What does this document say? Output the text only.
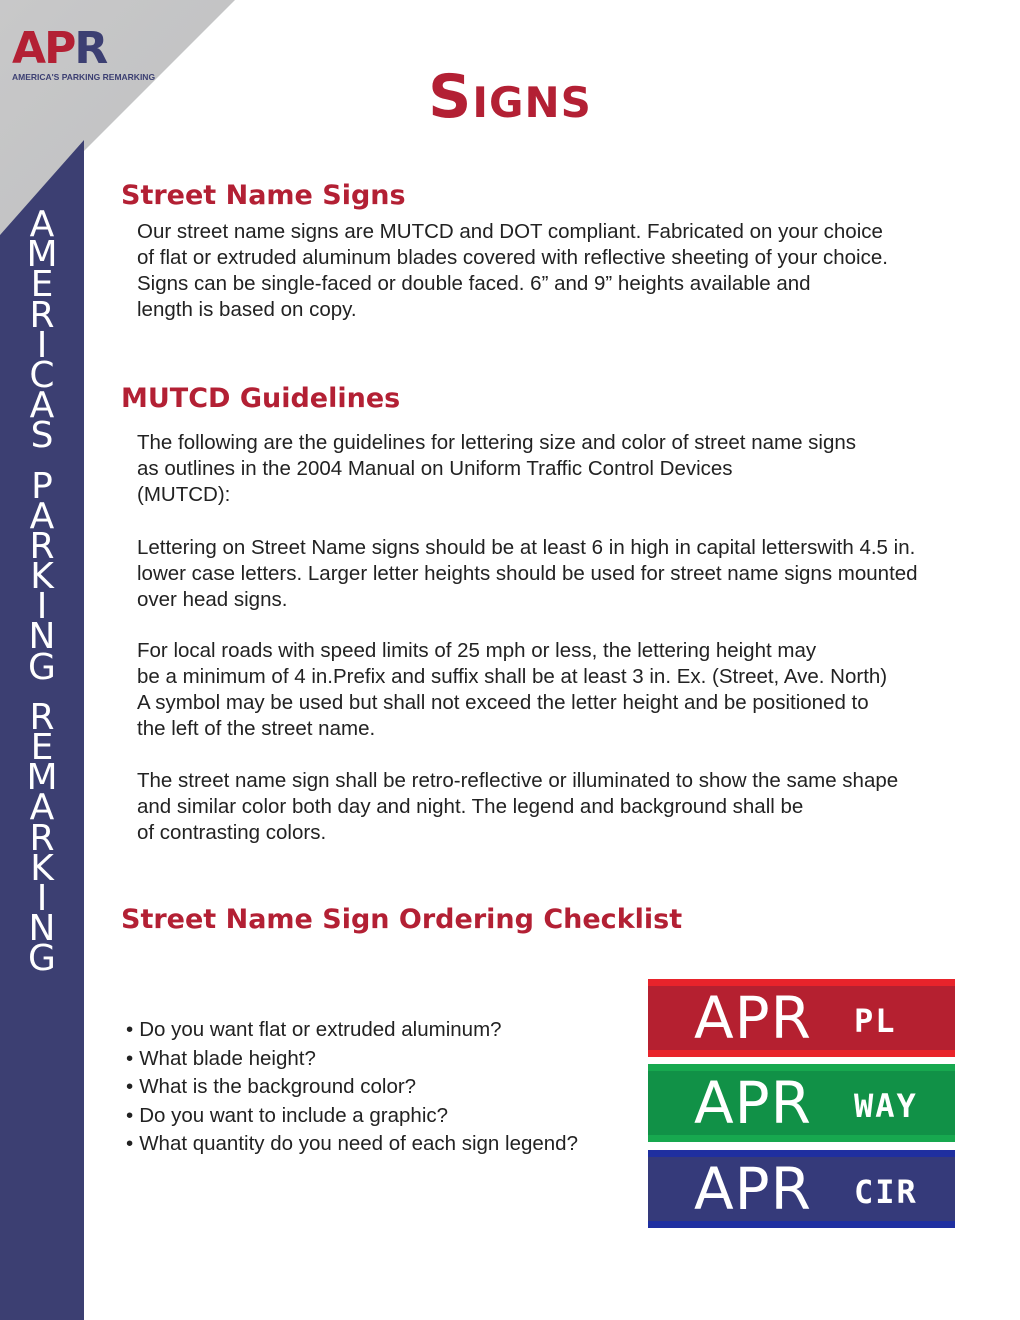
A
M
E
R
I
C
A
S
P
A
R
K
I
N
G
R
E
M
A
R
K
I
N
G
APR
AMERICA'S PARKING REMARKING	Signs
Street Name Signs
Our street name signs are MUTCD and DOT compliant. Fabricated on your choice
of flat or extruded aluminum blades covered with reflective sheeting of your choice.
Signs can be single-faced or double faced. 6” and 9” heights available and
length is based on copy.
MUTCD Guidelines
The following are the guidelines for lettering size and color of street name signs
as outlines in the 2004 Manual on Uniform Traffic Control Devices
(MUTCD):
Lettering on Street Name signs should be at least 6 in high in capital letterswith 4.5 in.
lower case letters. Larger letter heights should be used for street name signs mounted
over head signs.
For local roads with speed limits of 25 mph or less, the lettering height may
be a minimum of 4 in.Prefix and suffix shall be at least 3 in. Ex. (Street, Ave. North)
A symbol may be used but shall not exceed the letter height and be positioned to
the left of the street name.
The street name sign shall be retro-reflective or illuminated to show the same shape
and similar color both day and night. The legend and background shall be
of contrasting colors.
Street Name Sign Ordering Checklist
• Do you want flat or extruded aluminum?
• What blade height?
• What is the background color?
• Do you want to include a graphic?
• What quantity do you need of each sign legend?
APR PL
APR WAY
APR CIR
